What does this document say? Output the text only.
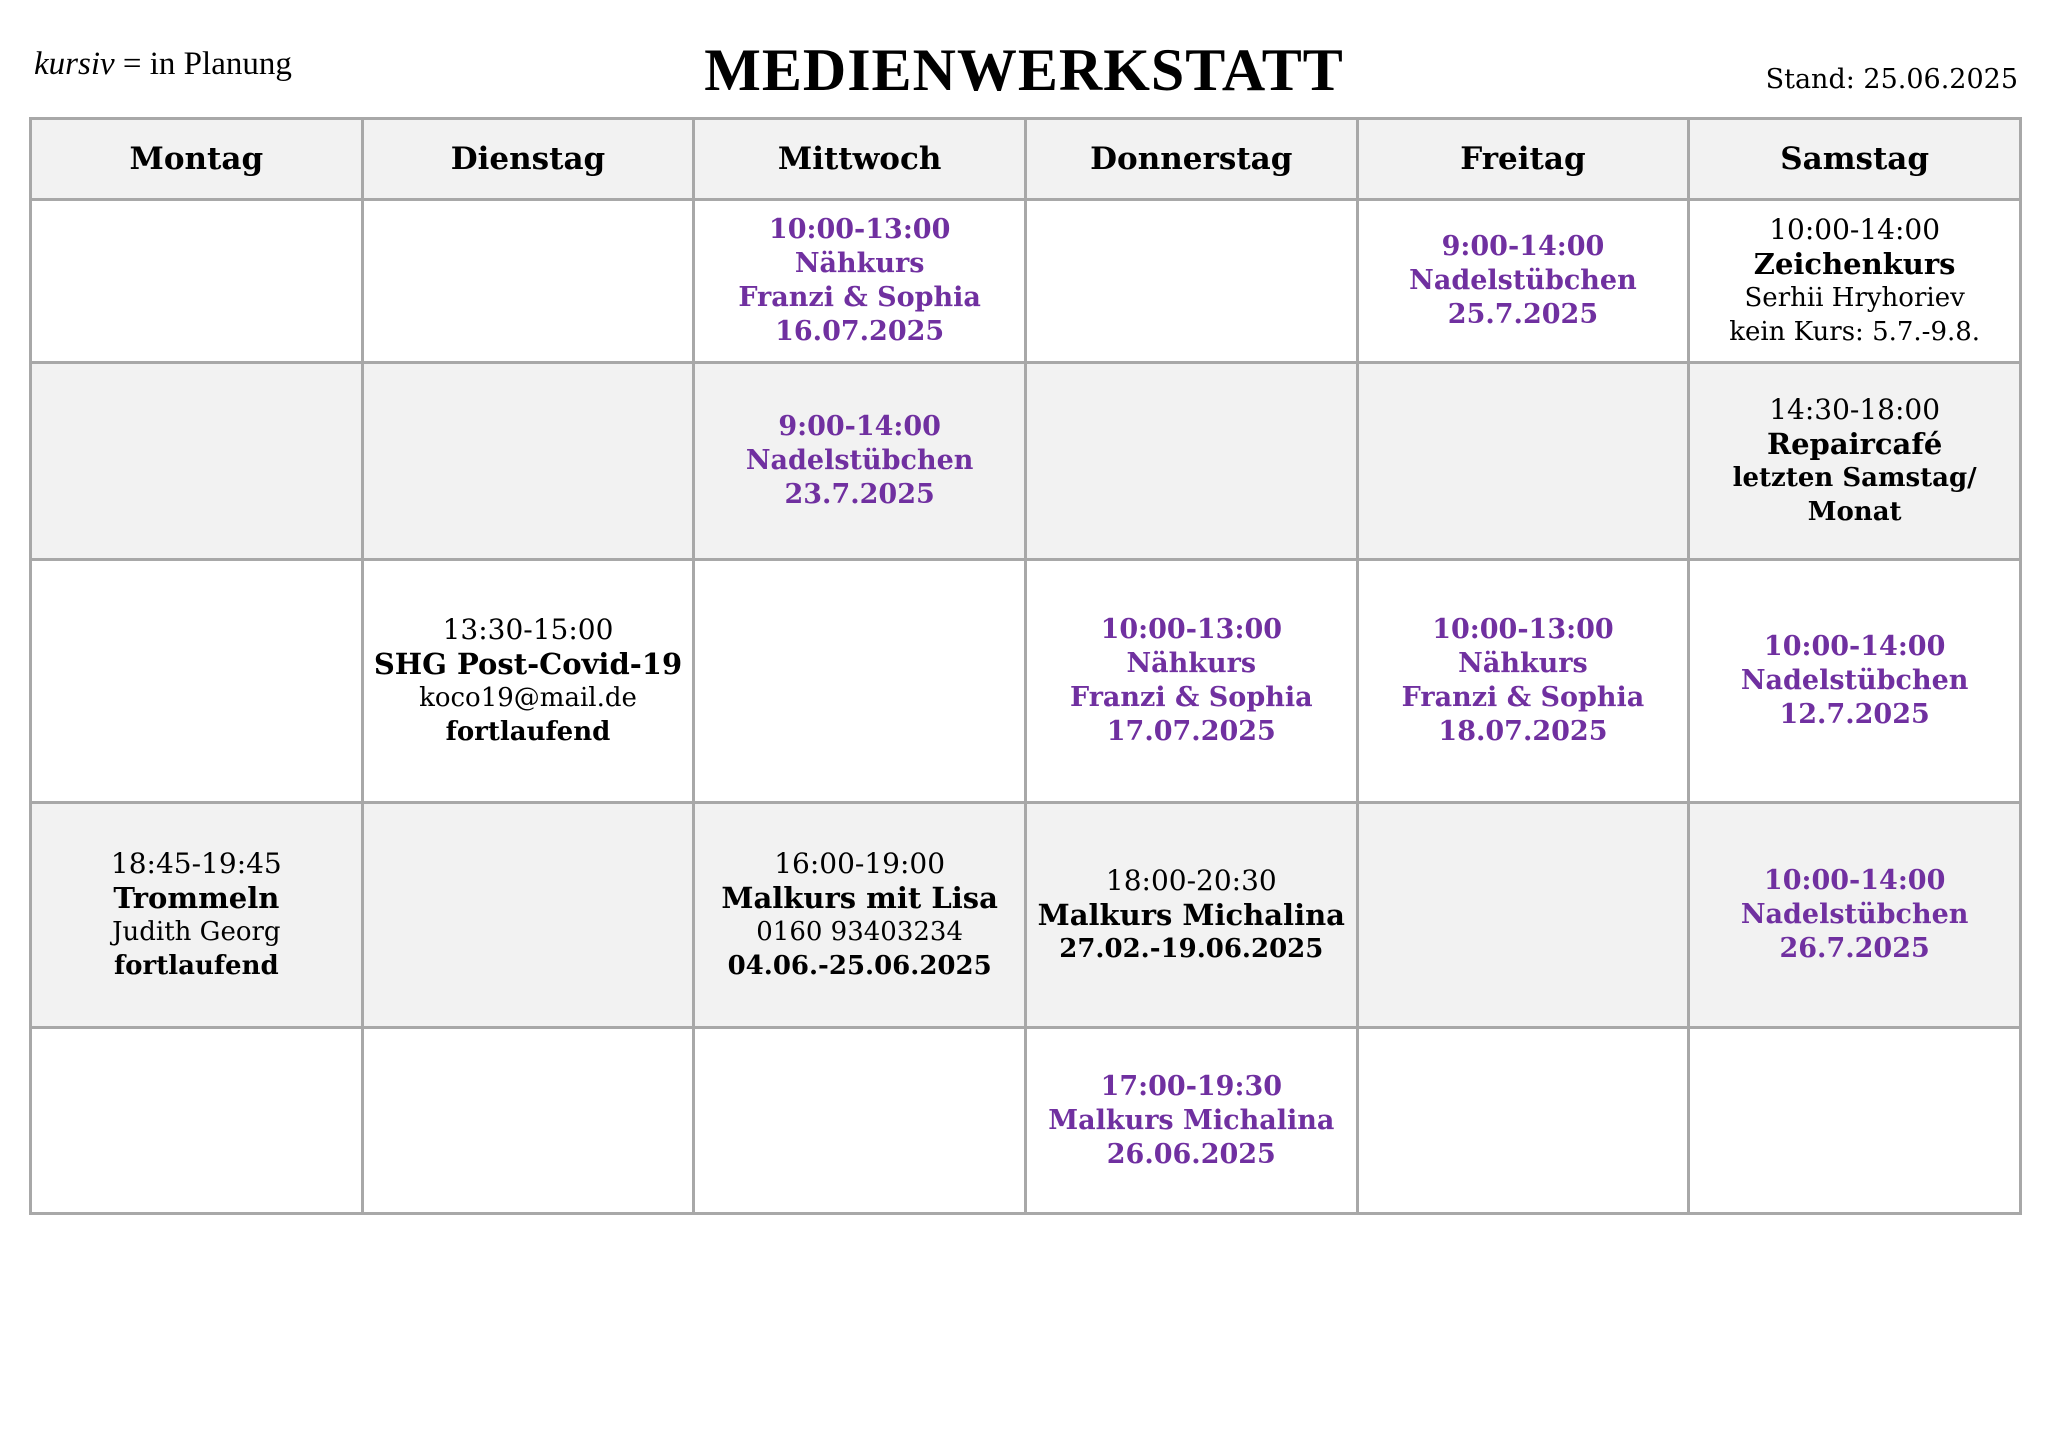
kursiv = in Planung	MEDIENWERKSTATT	Stand: 25.06.2025
Montag	Dienstag	Mittwoch	Donnerstag	Freitag	Samstag

		10:00-13:00
Nähkurs
Franzi & Sophia
16.07.2025		9:00-14:00
Nadelstübchen
25.7.2025	10:00-14:00
Zeichenkurs
Serhii Hryhoriev
kein Kurs: 5.7.-9.8.

		9:00-14:00
Nadelstübchen
23.7.2025			14:30-18:00
Repaircafé
letzten Samstag/
Monat

	13:30-15:00
SHG Post-Covid-19
koco19@mail.de
fortlaufend		10:00-13:00
Nähkurs
Franzi & Sophia
17.07.2025	10:00-13:00
Nähkurs
Franzi & Sophia
18.07.2025	10:00-14:00
Nadelstübchen
12.7.2025

18:45-19:45
Trommeln
Judith Georg
fortlaufend		16:00-19:00
Malkurs mit Lisa
0160 93403234
04.06.-25.06.2025	18:00-20:30
Malkurs Michalina
27.02.-19.06.2025		10:00-14:00
Nadelstübchen
26.7.2025

			17:00-19:30
Malkurs Michalina
26.06.2025		
